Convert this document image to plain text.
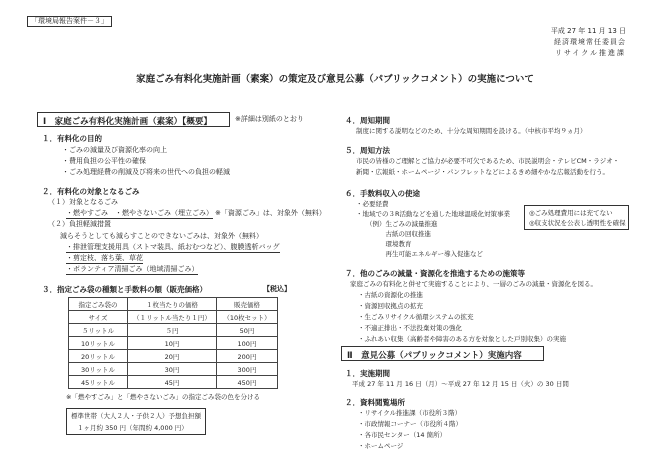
「環境局報告案件－３」
平成 27 年 11 月 13 日
経済環境常任委員会
リサイクル推進課
家庭ごみ有料化実施計画（素案）の策定及び意見公募（パブリックコメント）の実施について
Ⅰ　家庭ごみ有料化実施計画（素案）【概要】	※詳細は別紙のとおり
１．有料化の目的
・ごみの減量及び資源化率の向上
・費用負担の公平性の確保
・ごみ処理経費の削減及び将来の世代への負担の軽減
２．有料化の対象となるごみ
（１）対象となるごみ
・燃やすごみ　・燃やさないごみ（埋立ごみ） ※「資源ごみ」は、対象外（無料）
（２）負担軽減措置
減らそうとしても減らすことのできないごみは、対象外（無料）
・排泄管理支援用具（ストマ装具、紙おむつなど）、腹膜透析バッグ
・剪定枝、落ち葉、草花
・ボランティア清掃ごみ（地域清掃ごみ）
３．指定ごみ袋の種類と手数料の額（販売価格）	【税込】
指定ごみ袋の	１枚当たりの価格	販売価格
サイズ	（１リットル当たり１円）	（10枚セット）
５リットル	５円	50円
10リットル	10円	100円
20リットル	20円	200円
30リットル	30円	300円
45リットル	45円	450円
※「燃やすごみ」と「燃やさないごみ」の指定ごみ袋の色を分ける
標準世帯（大人２人・子供２人）予想負担額
１ヶ月約 350 円（年間約 4,000 円）
４．周知期間
制度に関する説明などのため、十分な周知期間を設ける。（中核市平均９ヵ月）
５．周知方法
市民の皆様のご理解とご協力が必要不可欠であるため、市民説明会・テレビCM・ラジオ・
新聞・広報紙・ホームページ・パンフレットなどによるきめ細やかな広報活動を行う。
６．手数料収入の使途
・必要経費
・地域での３R活動などを通した地球温暖化対策事業
（例）生ごみの減量推進
　　　古紙の回収推進
　　　環境教育
　　　再生可能エネルギー導入促進など
◎ごみ処理費用には充てない
◎収支状況を公表し透明性を確保
７．他のごみの減量・資源化を推進するための施策等
家庭ごみの有料化と併せて実施することにより、一層のごみの減量・資源化を図る。
・古紙の資源化の推進
・資源回収拠点の拡充
・生ごみリサイクル循環システムの拡充
・不適正排出・不法投棄対策の強化
・ふれあい収集（高齢者や障害のある方を対象とした戸別収集）の実施
Ⅱ　意見公募（パブリックコメント）実施内容
１．実施期間
平成 27 年 11 月 16 日（月）～平成 27 年 12 月 15 日（火）の 30 日間
２．資料閲覧場所
・リサイクル推進課（市役所３階）
・市政情報コーナー（市役所４階）
・各市民センター（14 箇所）
・ホームページ
